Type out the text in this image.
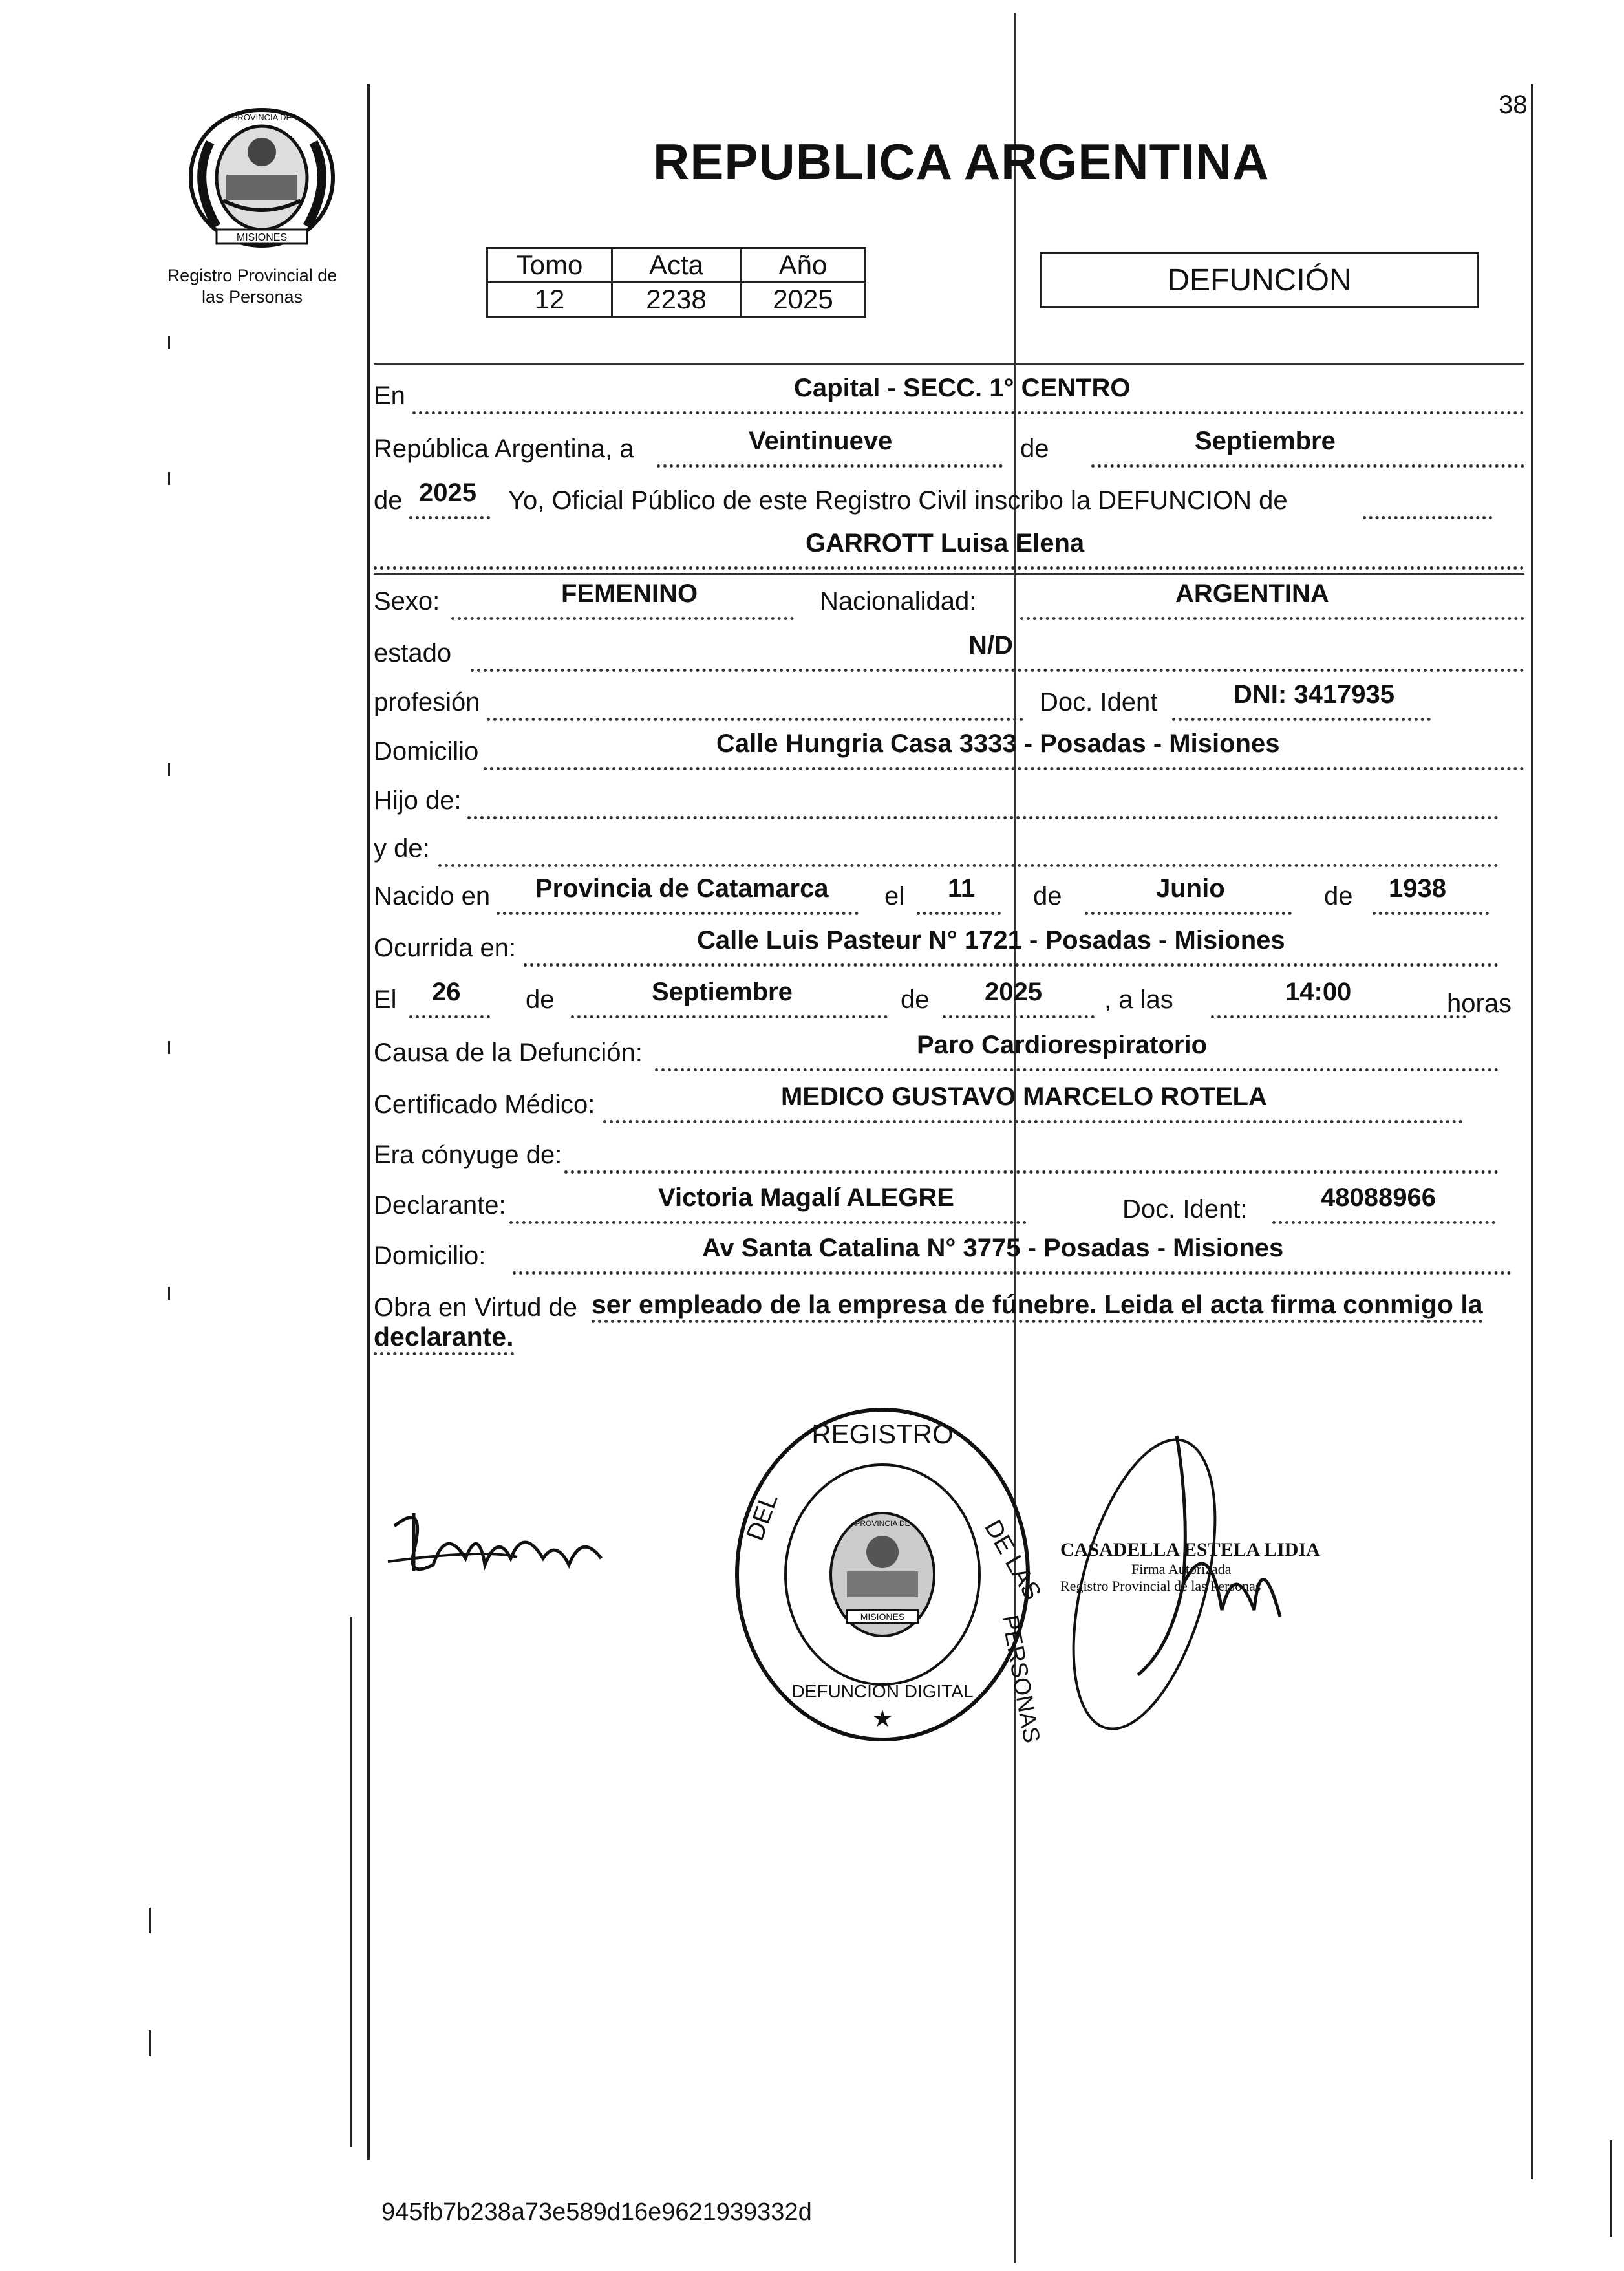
MISIONES
PROVINCIA DE
Registro Provincial de
las Personas
38
REPUBLICA ARGENTINA
Tomo	Acta	Año
12	2238	2025
DEFUNCIÓN
En	Capital - SECC. 1° CENTRO
República Argentina, a	Veintinueve	de	Septiembre
de 2025 Yo, Oficial Público de este Registro Civil inscribo la DEFUNCION de
GARROTT Luisa Elena
Sexo:	FEMENINO	Nacionalidad:	ARGENTINA
estado	N/D
profesión	Doc. Ident	DNI: 3417935
Domicilio	Calle Hungria Casa 3333 - Posadas - Misiones
Hijo de:
y de:
Nacido en Provincia de Catamarca el 11 de	Junio	de 1938
Ocurrida en:	Calle Luis Pasteur N° 1721 - Posadas - Misiones
El 26	de	Septiembre	de 2025 , a las	14:00	horas
Causa de la Defunción:	Paro Cardiorespiratorio
Certificado Médico:	MEDICO GUSTAVO MARCELO ROTELA
Era cónyuge de:
Declarante:	Victoria Magalí ALEGRE	Doc. Ident:	48088966
Domicilio:	Av Santa Catalina N° 3775 - Posadas - Misiones
Obra en Virtud de ser empleado de la empresa de fúnebre. Leida el acta firma conmigo la
declarante.
REGISTRO
DE LAS
PERSONAS
DEL
DEFUNCION DIGITAL
★
MISIONES
PROVINCIA DE
CASADELLA ESTELA LIDIA
Firma Autorizada
Registro Provincial de las Personas
945fb7b238a73e589d16e9621939332d
